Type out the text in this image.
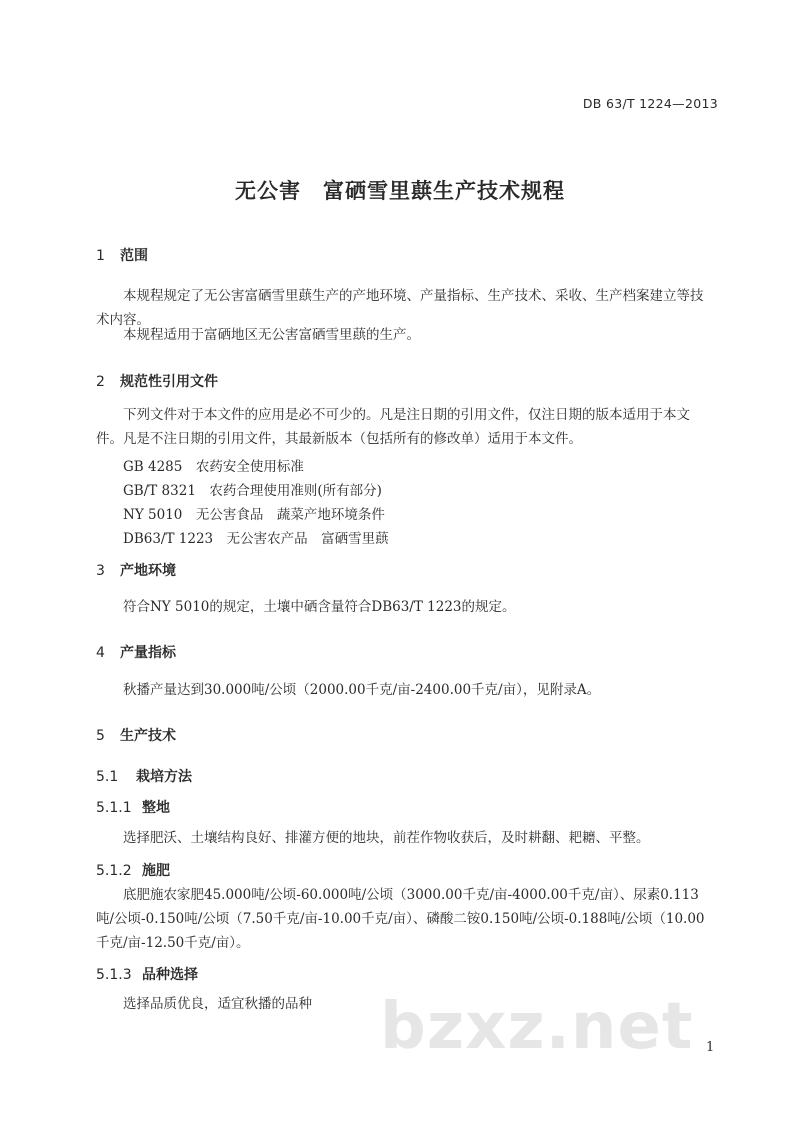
DB 63/T 1224—2013
无公害　富硒雪里蕻生产技术规程
1 范围
本规程规定了无公害富硒雪里蕻生产的产地环境、产量指标、生产技术、采收、生产档案建立等技术内容。
本规程适用于富硒地区无公害富硒雪里蕻的生产。
2 规范性引用文件
下列文件对于本文件的应用是必不可少的。凡是注日期的引用文件，仅注日期的版本适用于本文件。凡是不注日期的引用文件，其最新版本（包括所有的修改单）适用于本文件。
GB 4285　农药安全使用标准
GB/T 8321　农药合理使用准则(所有部分)
NY 5010　无公害食品　蔬菜产地环境条件
DB63/T 1223　无公害农产品　富硒雪里蕻
3 产地环境
符合NY 5010的规定，土壤中硒含量符合DB63/T 1223的规定。
4 产量指标
秋播产量达到30.000吨/公顷（2000.00千克/亩-2400.00千克/亩），见附录A。
5 生产技术
5.1 栽培方法
5.1.1 整地
选择肥沃、土壤结构良好、排灌方便的地块，前茬作物收获后，及时耕翻、耙耱、平整。
5.1.2 施肥
底肥施农家肥45.000吨/公顷-60.000吨/公顷（3000.00千克/亩-4000.00千克/亩）、尿素0.113吨/公顷-0.150吨/公顷（7.50千克/亩-10.00千克/亩）、磷酸二铵0.150吨/公顷-0.188吨/公顷（10.00千克/亩-12.50千克/亩）。
5.1.3 品种选择
选择品质优良，适宜秋播的品种	bzxz.net 1
